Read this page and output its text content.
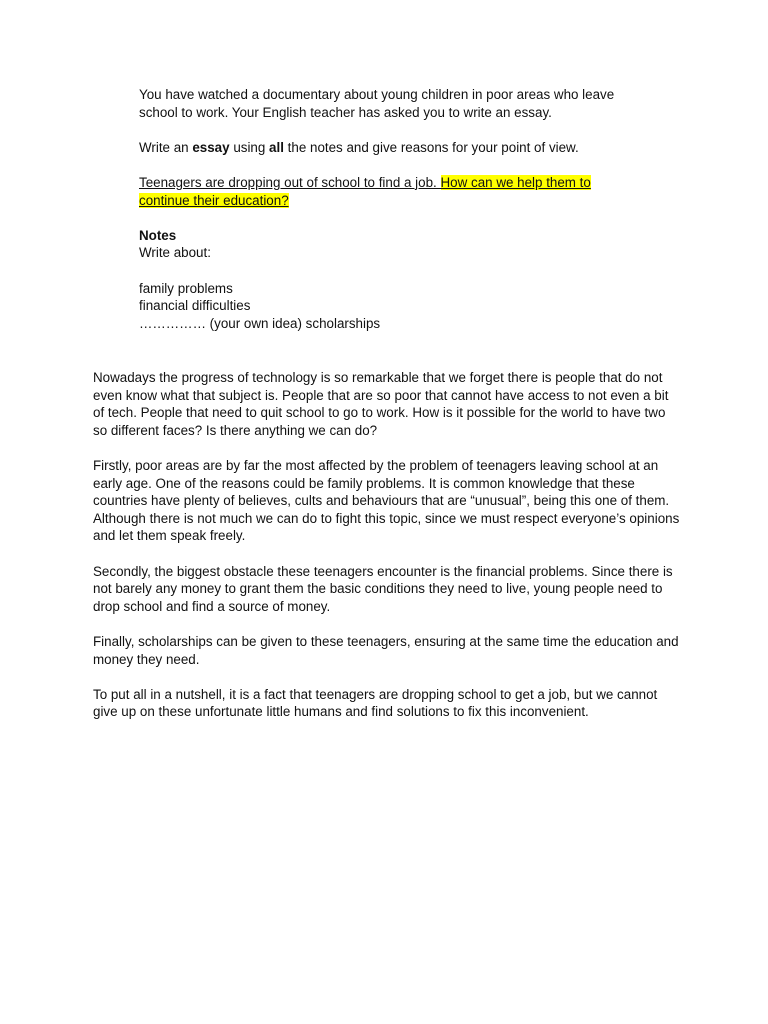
You have watched a documentary about young children in poor areas who leave school to work. Your English teacher has asked you to write an essay.

Write an essay using all the notes and give reasons for your point of view.

Teenagers are dropping out of school to find a job. How can we help them to continue their education?

Notes

Write about:

family problems

financial difficulties

…………… (your own idea) scholarships

Nowadays the progress of technology is so remarkable that we forget there is people that do not even know what that subject is. People that are so poor that cannot have access to not even a bit of tech. People that need to quit school to go to work. How is it possible for the world to have two so different faces? Is there anything we can do?

Firstly, poor areas are by far the most affected by the problem of teenagers leaving school at an early age. One of the reasons could be family problems. It is common knowledge that these countries have plenty of believes, cults and behaviours that are “unusual”, being this one of them. Although there is not much we can do to fight this topic, since we must respect everyone’s opinions and let them speak freely.

Secondly, the biggest obstacle these teenagers encounter is the financial problems. Since there is not barely any money to grant them the basic conditions they need to live, young people need to drop school and find a source of money.

Finally, scholarships can be given to these teenagers, ensuring at the same time the education and money they need.

To put all in a nutshell, it is a fact that teenagers are dropping school to get a job, but we cannot give up on these unfortunate little humans and find solutions to fix this inconvenient.
